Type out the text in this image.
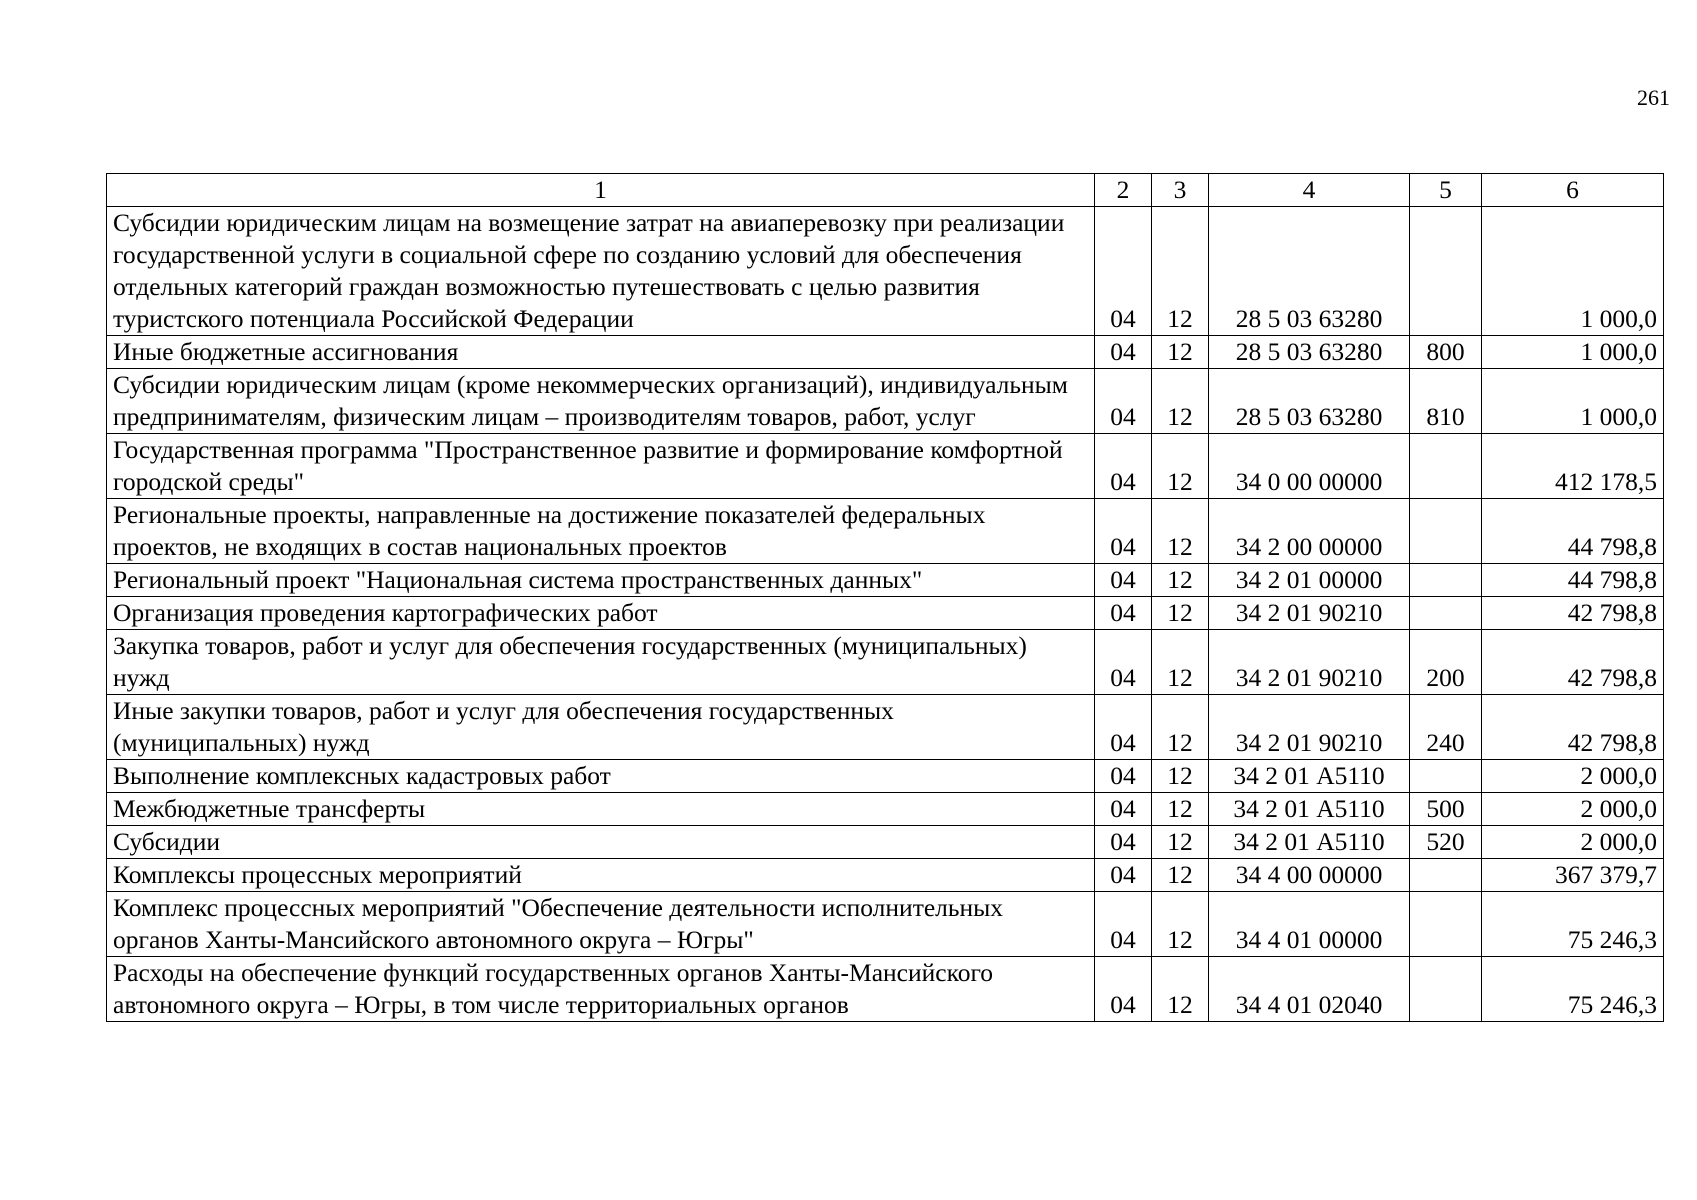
261
1	2	3	4	5	6
Субсидии юридическим лицам на возмещение затрат на авиаперевозку при реализации государственной услуги в социальной сфере по созданию условий для обеспечения отдельных категорий граждан возможностью путешествовать с целью развития туристского потенциала Российской Федерации	04	12	28 5 03 63280		1 000,0
Иные бюджетные ассигнования	04	12	28 5 03 63280	800	1 000,0
Субсидии юридическим лицам (кроме некоммерческих организаций), индивидуальным предпринимателям, физическим лицам – производителям товаров, работ, услуг	04	12	28 5 03 63280	810	1 000,0
Государственная программа "Пространственное развитие и формирование комфортной городской среды"	04	12	34 0 00 00000		412 178,5
Региональные проекты, направленные на достижение показателей федеральных проектов, не входящих в состав национальных проектов	04	12	34 2 00 00000		44 798,8
Региональный проект "Национальная система пространственных данных"	04	12	34 2 01 00000		44 798,8
Организация проведения картографических работ	04	12	34 2 01 90210		42 798,8
Закупка товаров, работ и услуг для обеспечения государственных (муниципальных) нужд	04	12	34 2 01 90210	200	42 798,8
Иные закупки товаров, работ и услуг для обеспечения государственных (муниципальных) нужд	04	12	34 2 01 90210	240	42 798,8
Выполнение комплексных кадастровых работ	04	12	34 2 01 А5110		2 000,0
Межбюджетные трансферты	04	12	34 2 01 А5110	500	2 000,0
Субсидии	04	12	34 2 01 А5110	520	2 000,0
Комплексы процессных мероприятий	04	12	34 4 00 00000		367 379,7
Комплекс процессных мероприятий "Обеспечение деятельности исполнительных органов Ханты-Мансийского автономного округа – Югры"	04	12	34 4 01 00000		75 246,3
Расходы на обеспечение функций государственных органов Ханты-Мансийского автономного округа – Югры, в том числе территориальных органов	04	12	34 4 01 02040		75 246,3
